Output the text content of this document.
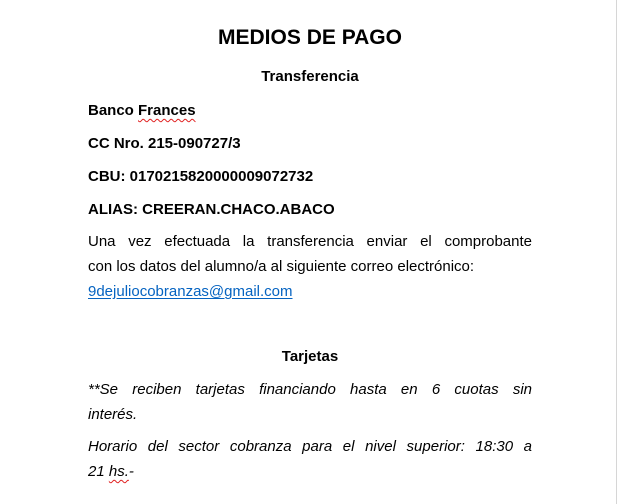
MEDIOS DE PAGO
Transferencia
Banco Frances
CC Nro. 215-090727/3
CBU: 0170215820000009072732
ALIAS: CREERAN.CHACO.ABACO
Una vez efectuada la transferencia enviar el comprobante
con los datos del alumno/a al siguiente correo electrónico:
9dejuliocobranzas@gmail.com
Tarjetas
**Se reciben tarjetas financiando hasta en 6 cuotas sin
interés.
Horario del sector cobranza para el nivel superior: 18:30 a
21 hs.-
